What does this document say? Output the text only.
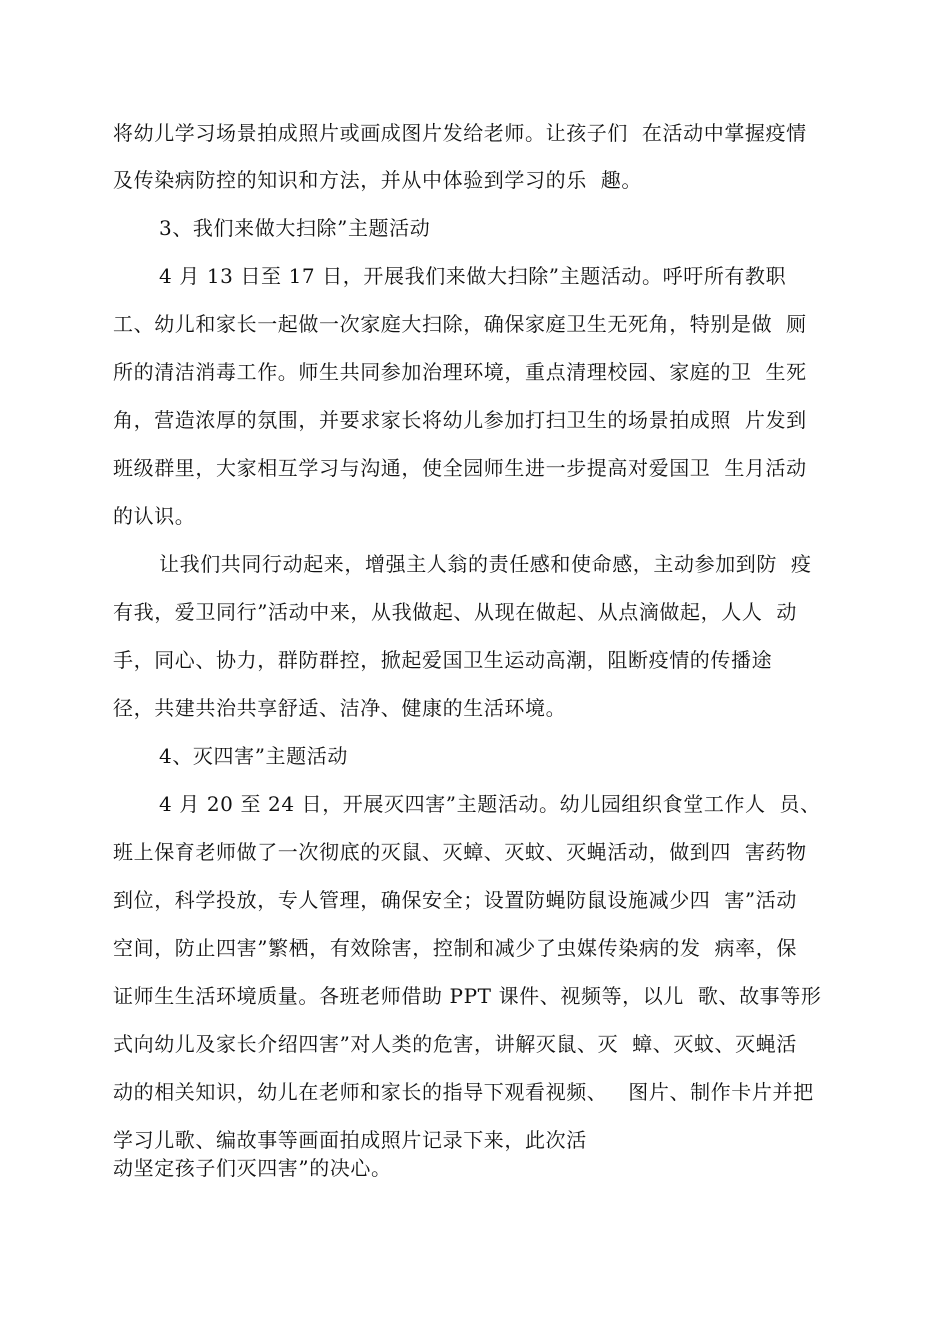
将幼儿学习场景拍成照片或画成图片发给老师。让孩子们  在活动中掌握疫情
及传染病防控的知识和方法，并从中体验到学习的乐  趣。
3、我们来做大扫除”主题活动
4 月 13 日至 17 日，开展我们来做大扫除”主题活动。呼吁所有教职
工、幼儿和家长一起做一次家庭大扫除，确保家庭卫生无死角，特别是做  厕
所的清洁消毒工作。师生共同参加治理环境，重点清理校园、家庭的卫  生死
角，营造浓厚的氛围，并要求家长将幼儿参加打扫卫生的场景拍成照  片发到
班级群里，大家相互学习与沟通，使全园师生进一步提高对爱国卫  生月活动
的认识。
让我们共同行动起来，增强主人翁的责任感和使命感，主动参加到防  疫
有我，爱卫同行”活动中来，从我做起、从现在做起、从点滴做起，人人  动
手，同心、协力，群防群控，掀起爱国卫生运动高潮，阻断疫情的传播途
径，共建共治共享舒适、洁净、健康的生活环境。
4、灭四害”主题活动
4 月 20 至 24 日，开展灭四害”主题活动。幼儿园组织食堂工作人  员、
班上保育老师做了一次彻底的灭鼠、灭蟑、灭蚊、灭蝇活动，做到四  害药物
到位，科学投放，专人管理，确保安全；设置防蝇防鼠设施减少四  害”活动
空间，防止四害”繁栖，有效除害，控制和减少了虫媒传染病的发  病率，保
证师生生活环境质量。各班老师借助 PPT 课件、视频等，以儿  歌、故事等形
式向幼儿及家长介绍四害”对人类的危害，讲解灭鼠、灭  蟑、灭蚊、灭蝇活
动的相关知识，幼儿在老师和家长的指导下观看视频、   图片、制作卡片并把
学习儿歌、编故事等画面拍成照片记录下来，此次活
动坚定孩子们灭四害”的决心。
